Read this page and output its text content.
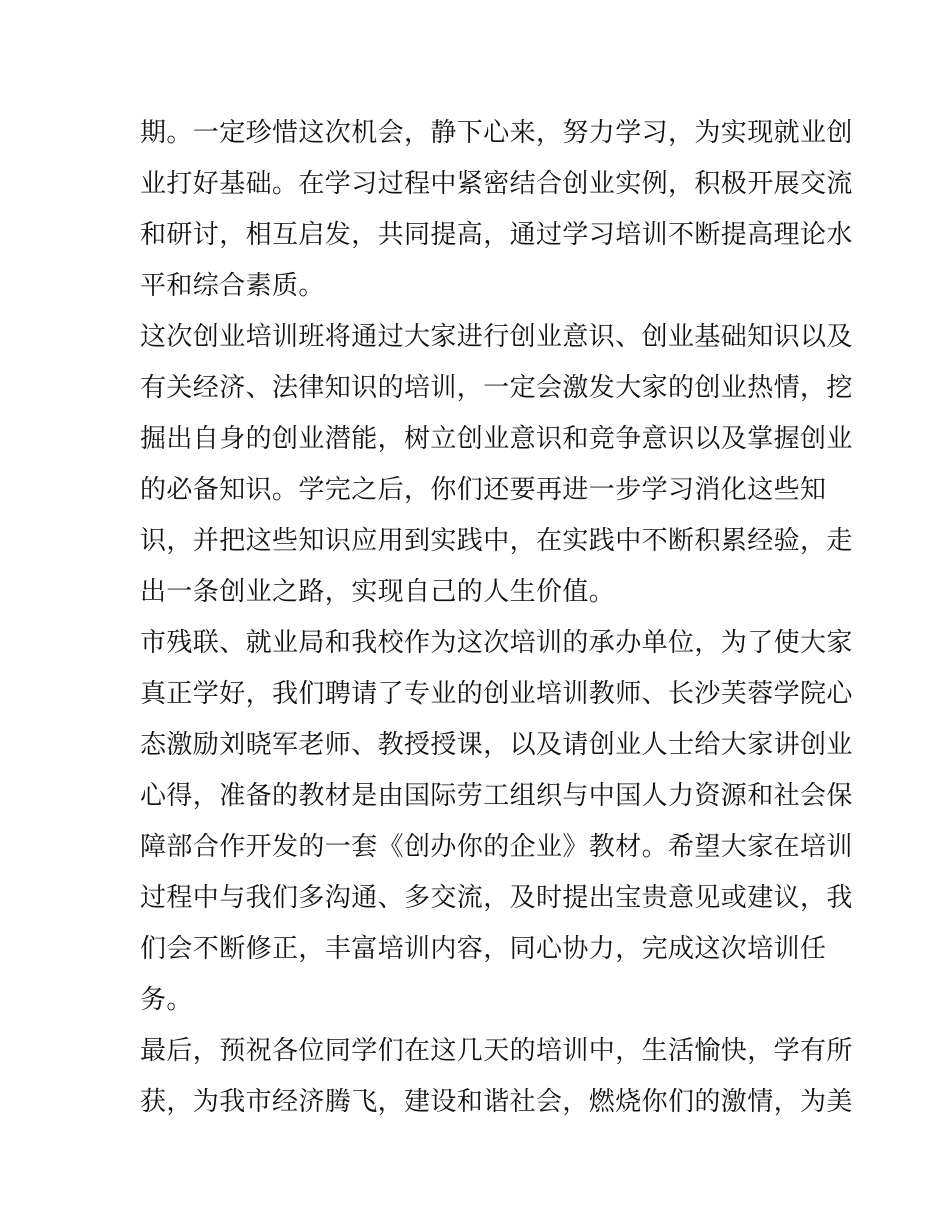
期。一定珍惜这次机会，静下心来，努力学习，为实现就业创
业打好基础。在学习过程中紧密结合创业实例，积极开展交流
和研讨，相互启发，共同提高，通过学习培训不断提高理论水
平和综合素质。
这次创业培训班将通过大家进行创业意识、创业基础知识以及
有关经济、法律知识的培训，一定会激发大家的创业热情，挖
掘出自身的创业潜能，树立创业意识和竞争意识以及掌握创业
的必备知识。学完之后，你们还要再进一步学习消化这些知
识，并把这些知识应用到实践中，在实践中不断积累经验，走
出一条创业之路，实现自己的人生价值。
市残联、就业局和我校作为这次培训的承办单位，为了使大家
真正学好，我们聘请了专业的创业培训教师、长沙芙蓉学院心
态激励刘晓军老师、教授授课，以及请创业人士给大家讲创业
心得，准备的教材是由国际劳工组织与中国人力资源和社会保
障部合作开发的一套《创办你的企业》教材。希望大家在培训
过程中与我们多沟通、多交流，及时提出宝贵意见或建议，我
们会不断修正，丰富培训内容，同心协力，完成这次培训任
务。
最后，预祝各位同学们在这几天的培训中，生活愉快，学有所
获，为我市经济腾飞，建设和谐社会，燃烧你们的激情，为美
